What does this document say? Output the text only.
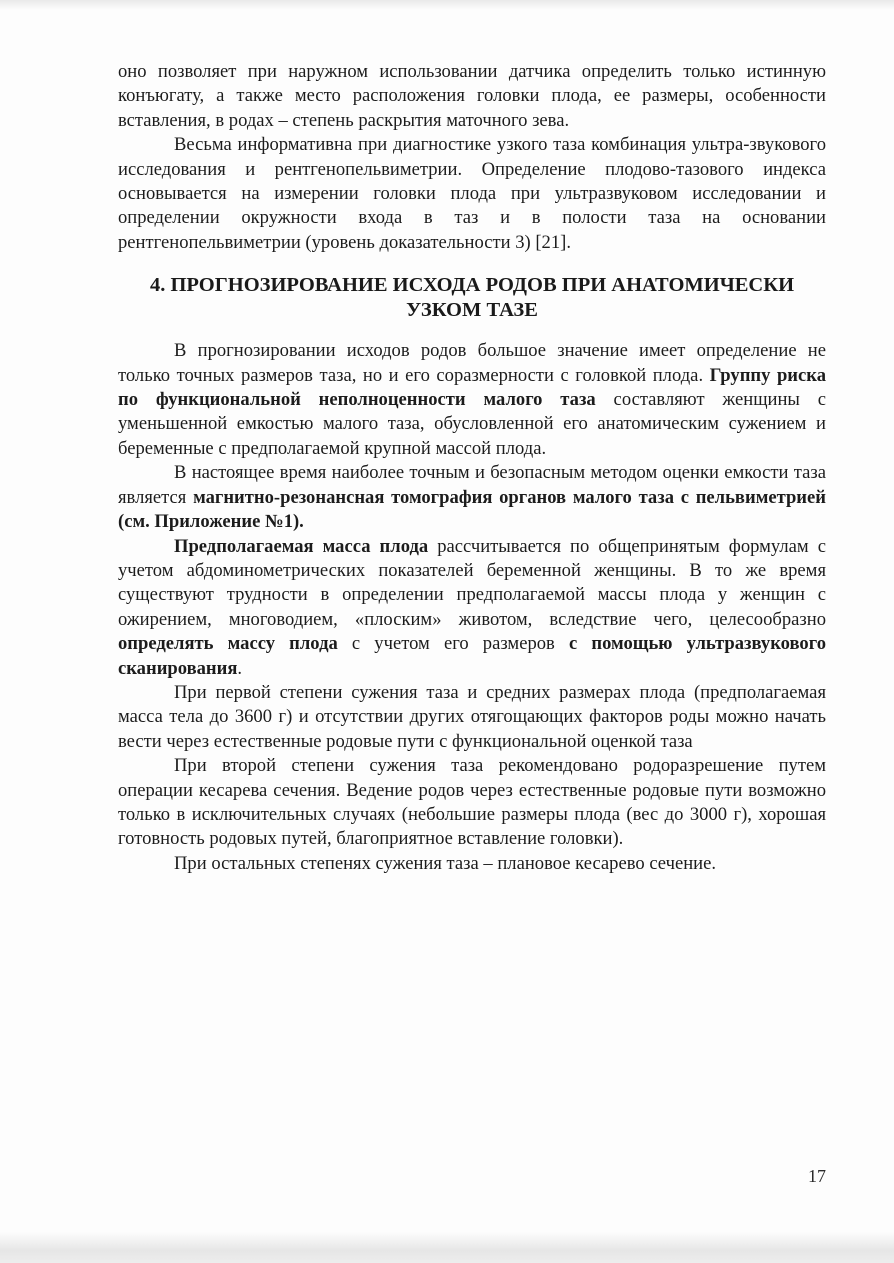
оно позволяет при наружном использовании датчика определить только истинную конъюгату, а также место расположения головки плода, ее размеры, особенности вставления, в родах – степень раскрытия маточного зева.

Весьма информативна при диагностике узкого таза комбинация ультра-звукового исследования и рентгенопельвиметрии. Определение плодово-тазового индекса основывается на измерении головки плода при ультразвуковом исследовании и определении окружности входа в таз и в полости таза на основании рентгенопельвиметрии (уровень доказательности 3) [21].

4. ПРОГНОЗИРОВАНИЕ ИСХОДА РОДОВ ПРИ АНАТОМИЧЕСКИ УЗКОМ ТАЗЕ

В прогнозировании исходов родов большое значение имеет определение не только точных размеров таза, но и его соразмерности с головкой плода. Группу риска по функциональной неполноценности малого таза составляют женщины с уменьшенной емкостью малого таза, обусловленной его анатомическим сужением и беременные с предполагаемой крупной массой плода.

В настоящее время наиболее точным и безопасным методом оценки емкости таза является магнитно-резонансная томография органов малого таза с пельвиметрией (см. Приложение №1).

Предполагаемая масса плода рассчитывается по общепринятым формулам с учетом абдоминометрических показателей беременной женщины. В то же время существуют трудности в определении предполагаемой массы плода у женщин с ожирением, многоводием, «плоским» животом, вследствие чего, целесообразно определять массу плода с учетом его размеров с помощью ультразвукового сканирования.

При первой степени сужения таза и средних размерах плода (предполагаемая масса тела до 3600 г) и отсутствии других отягощающих факторов роды можно начать вести через естественные родовые пути с функциональной оценкой таза

При второй степени сужения таза рекомендовано родоразрешение путем операции кесарева сечения. Ведение родов через естественные родовые пути возможно только в исключительных случаях (небольшие размеры плода (вес до 3000 г), хорошая готовность родовых путей, благоприятное вставление головки).

При остальных степенях сужения таза – плановое кесарево сечение.

17
